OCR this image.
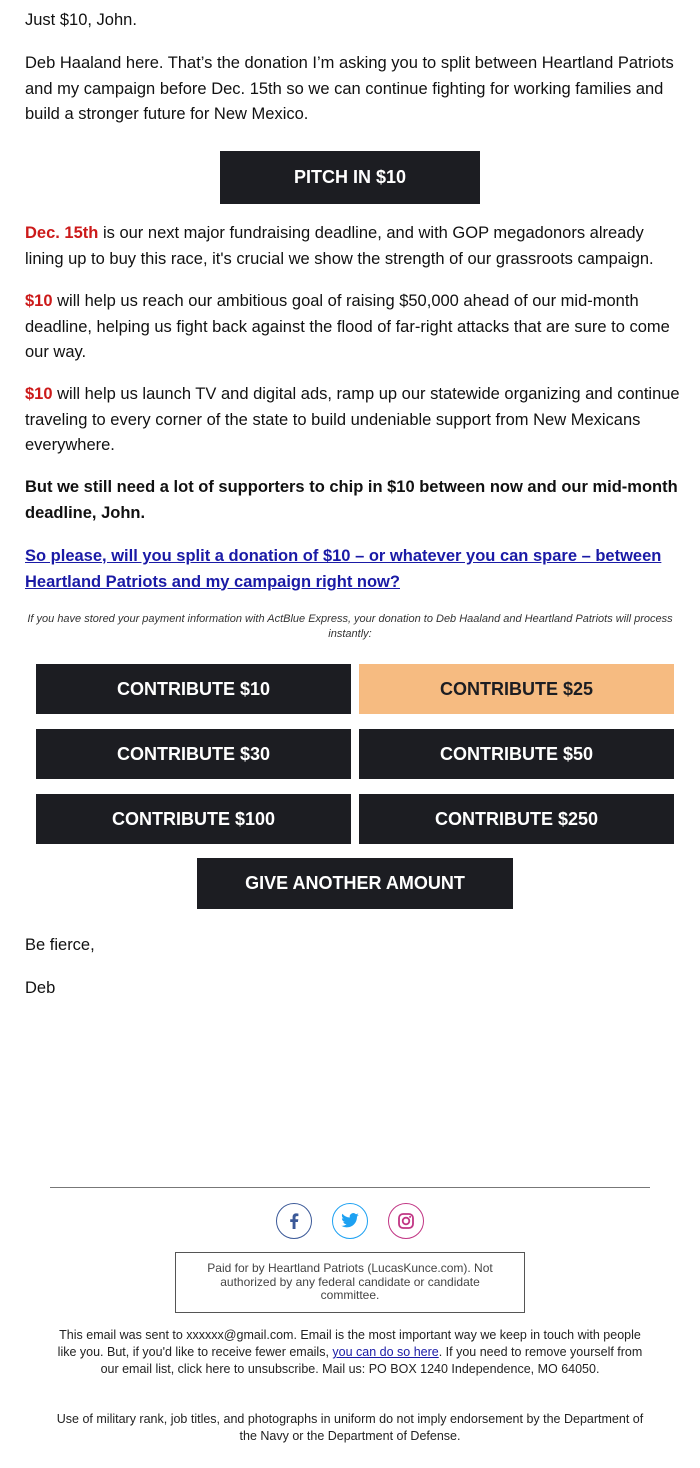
Just $10, John.
Deb Haaland here. That’s the donation I’m asking you to split between Heartland Patriots and my campaign before Dec. 15th so we can continue fighting for working families and build a stronger future for New Mexico.
PITCH IN $10
Dec. 15th is our next major fundraising deadline, and with GOP megadonors already lining up to buy this race, it's crucial we show the strength of our grassroots campaign.
$10 will help us reach our ambitious goal of raising $50,000 ahead of our mid-month deadline, helping us fight back against the flood of far-right attacks that are sure to come our way.
$10 will help us launch TV and digital ads, ramp up our statewide organizing and continue traveling to every corner of the state to build undeniable support from New Mexicans everywhere.
But we still need a lot of supporters to chip in $10 between now and our mid-month deadline, John.
So please, will you split a donation of $10 – or whatever you can spare – between Heartland Patriots and my campaign right now?
If you have stored your payment information with ActBlue Express, your donation to Deb Haaland and Heartland Patriots will process instantly:
CONTRIBUTE $10	CONTRIBUTE $25
CONTRIBUTE $30	CONTRIBUTE $50
CONTRIBUTE $100	CONTRIBUTE $250
GIVE ANOTHER AMOUNT
Be fierce,
Deb
Paid for by Heartland Patriots (LucasKunce.com). Not authorized by any federal candidate or candidate committee.
This email was sent to xxxxxx@gmail.com. Email is the most important way we keep in touch with people like you. But, if you'd like to receive fewer emails, you can do so here. If you need to remove yourself from our email list, click here to unsubscribe. Mail us: PO BOX 1240 Independence, MO 64050.
Use of military rank, job titles, and photographs in uniform do not imply endorsement by the Department of the Navy or the Department of Defense.
